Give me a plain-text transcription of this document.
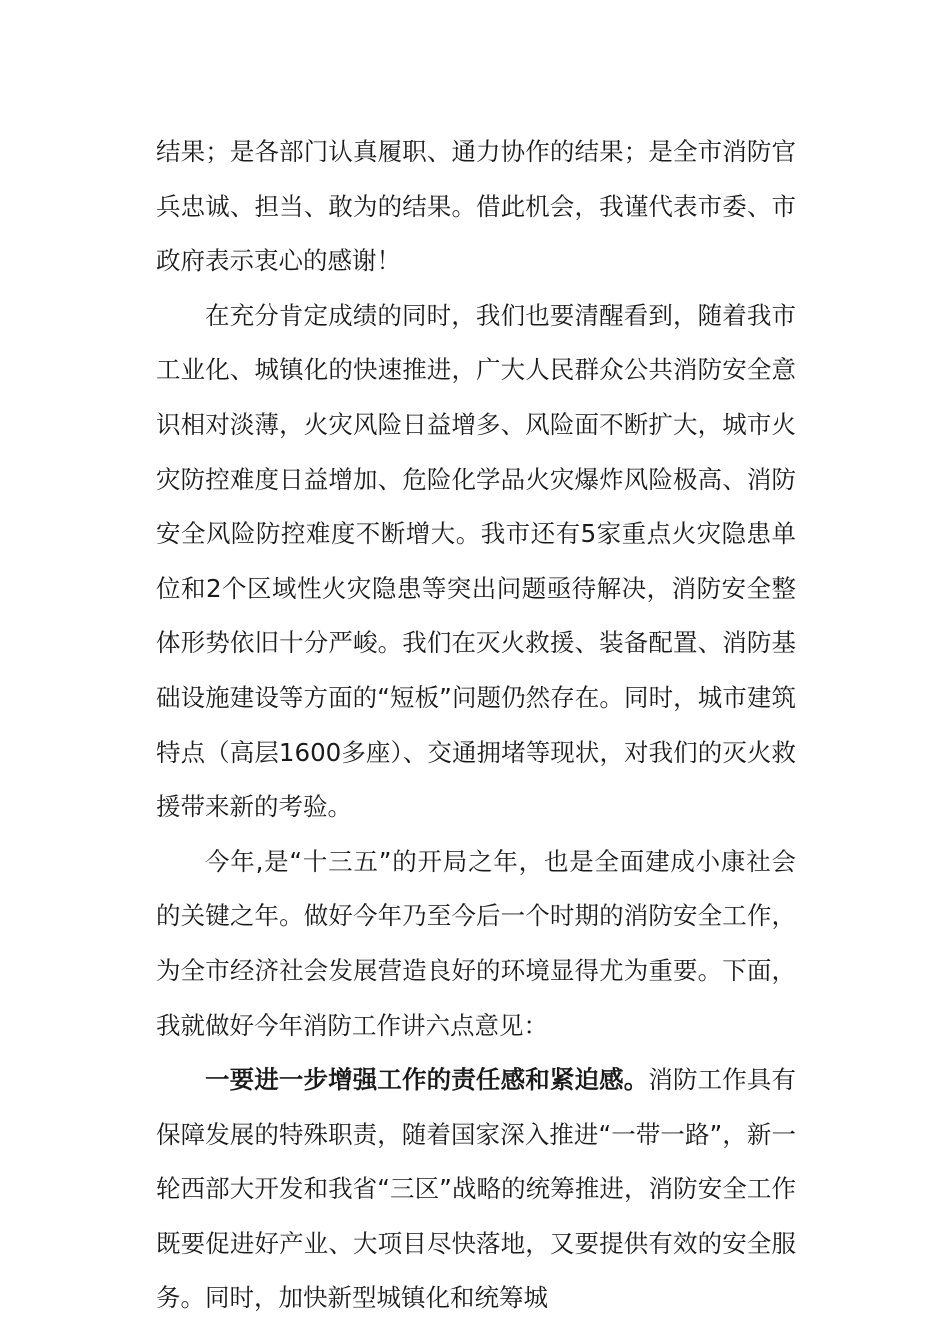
结果；是各部门认真履职、通力协作的结果；是全市消防官兵忠诚、担当、敢为的结果。借此机会，我谨代表市委、市政府表示衷心的感谢！

在充分肯定成绩的同时，我们也要清醒看到，随着我市工业化、城镇化的快速推进，广大人民群众公共消防安全意识相对淡薄，火灾风险日益增多、风险面不断扩大，城市火灾防控难度日益增加、危险化学品火灾爆炸风险极高、消防安全风险防控难度不断增大。我市还有5家重点火灾隐患单位和2个区域性火灾隐患等突出问题亟待解决，消防安全整体形势依旧十分严峻。我们在灭火救援、装备配置、消防基础设施建设等方面的“短板”问题仍然存在。同时，城市建筑特点（高层1600多座）、交通拥堵等现状，对我们的灭火救援带来新的考验。

今年,是“十三五”的开局之年，也是全面建成小康社会的关键之年。做好今年乃至今后一个时期的消防安全工作，为全市经济社会发展营造良好的环境显得尤为重要。下面，我就做好今年消防工作讲六点意见：

一要进一步增强工作的责任感和紧迫感。消防工作具有保障发展的特殊职责，随着国家深入推进“一带一路”，新一轮西部大开发和我省“三区”战略的统筹推进，消防安全工作既要促进好产业、大项目尽快落地，又要提供有效的安全服务。同时，加快新型城镇化和统筹城
